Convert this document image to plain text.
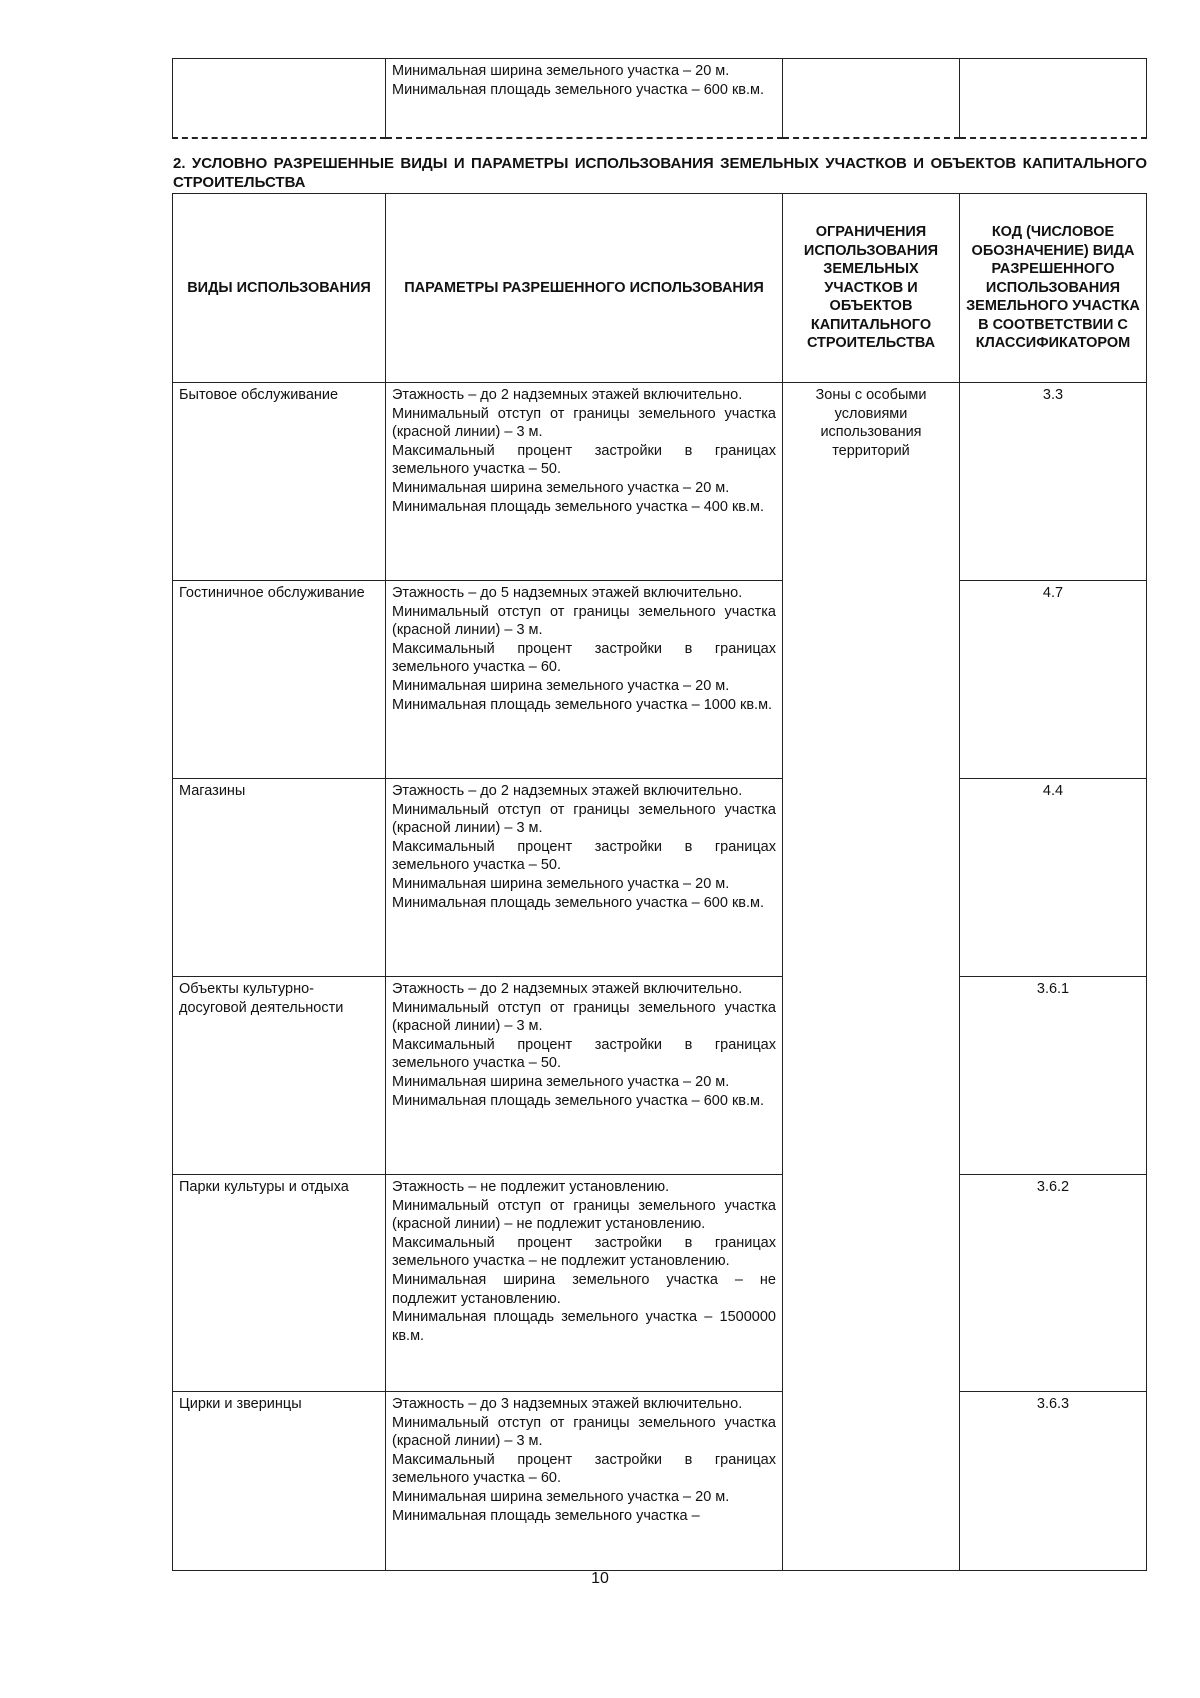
Минимальная ширина земельного участка – 20 м.
Минимальная площадь земельного участка – 600 кв.м.

2. УСЛОВНО РАЗРЕШЕННЫЕ ВИДЫ И ПАРАМЕТРЫ ИСПОЛЬЗОВАНИЯ ЗЕМЕЛЬНЫХ УЧАСТКОВ И ОБЪЕКТОВ КАПИТАЛЬНОГО СТРОИТЕЛЬСТВА
ВИДЫ ИСПОЛЬЗОВАНИЯ	ПАРАМЕТРЫ РАЗРЕШЕННОГО ИСПОЛЬЗОВАНИЯ	ОГРАНИЧЕНИЯ ИСПОЛЬЗОВАНИЯ ЗЕМЕЛЬНЫХ УЧАСТКОВ И ОБЪЕКТОВ КАПИТАЛЬНОГО СТРОИТЕЛЬСТВА	КОД (ЧИСЛОВОЕ ОБОЗНАЧЕНИЕ) ВИДА РАЗРЕШЕННОГО ИСПОЛЬЗОВАНИЯ ЗЕМЕЛЬНОГО УЧАСТКА В СООТВЕТСТВИИ С КЛАССИФИКАТОРОМ
Бытовое обслуживание	Этажность – до 2 надземных этажей включительно.
Минимальный отступ от границы земельного участка (красной линии) – 3 м.
Максимальный процент застройки в границах земельного участка – 50.
Минимальная ширина земельного участка – 20 м.
Минимальная площадь земельного участка – 400 кв.м.	Зоны с особыми условиями использования территорий	3.3
Гостиничное обслуживание	Этажность – до 5 надземных этажей включительно.
Минимальный отступ от границы земельного участка (красной линии) – 3 м.
Максимальный процент застройки в границах земельного участка – 60.
Минимальная ширина земельного участка – 20 м.
Минимальная площадь земельного участка – 1000 кв.м.		4.7
Магазины	Этажность – до 2 надземных этажей включительно.
Минимальный отступ от границы земельного участка (красной линии) – 3 м.
Максимальный процент застройки в границах земельного участка – 50.
Минимальная ширина земельного участка – 20 м.
Минимальная площадь земельного участка – 600 кв.м.		4.4
Объекты культурно-досуговой деятельности	Этажность – до 2 надземных этажей включительно.
Минимальный отступ от границы земельного участка (красной линии) – 3 м.
Максимальный процент застройки в границах земельного участка – 50.
Минимальная ширина земельного участка – 20 м.
Минимальная площадь земельного участка – 600 кв.м.		3.6.1
Парки культуры и отдыха	Этажность – не подлежит установлению.
Минимальный отступ от границы земельного участка (красной линии) – не подлежит установлению.
Максимальный процент застройки в границах земельного участка – не подлежит установлению.
Минимальная ширина земельного участка – не подлежит установлению.
Минимальная площадь земельного участка – 1500000 кв.м.		3.6.2
Цирки и зверинцы	Этажность – до 3 надземных этажей включительно.
Минимальный отступ от границы земельного участка (красной линии) – 3 м.
Максимальный процент застройки в границах земельного участка – 60.
Минимальная ширина земельного участка – 20 м.
Минимальная площадь земельного участка –		3.6.3
10
